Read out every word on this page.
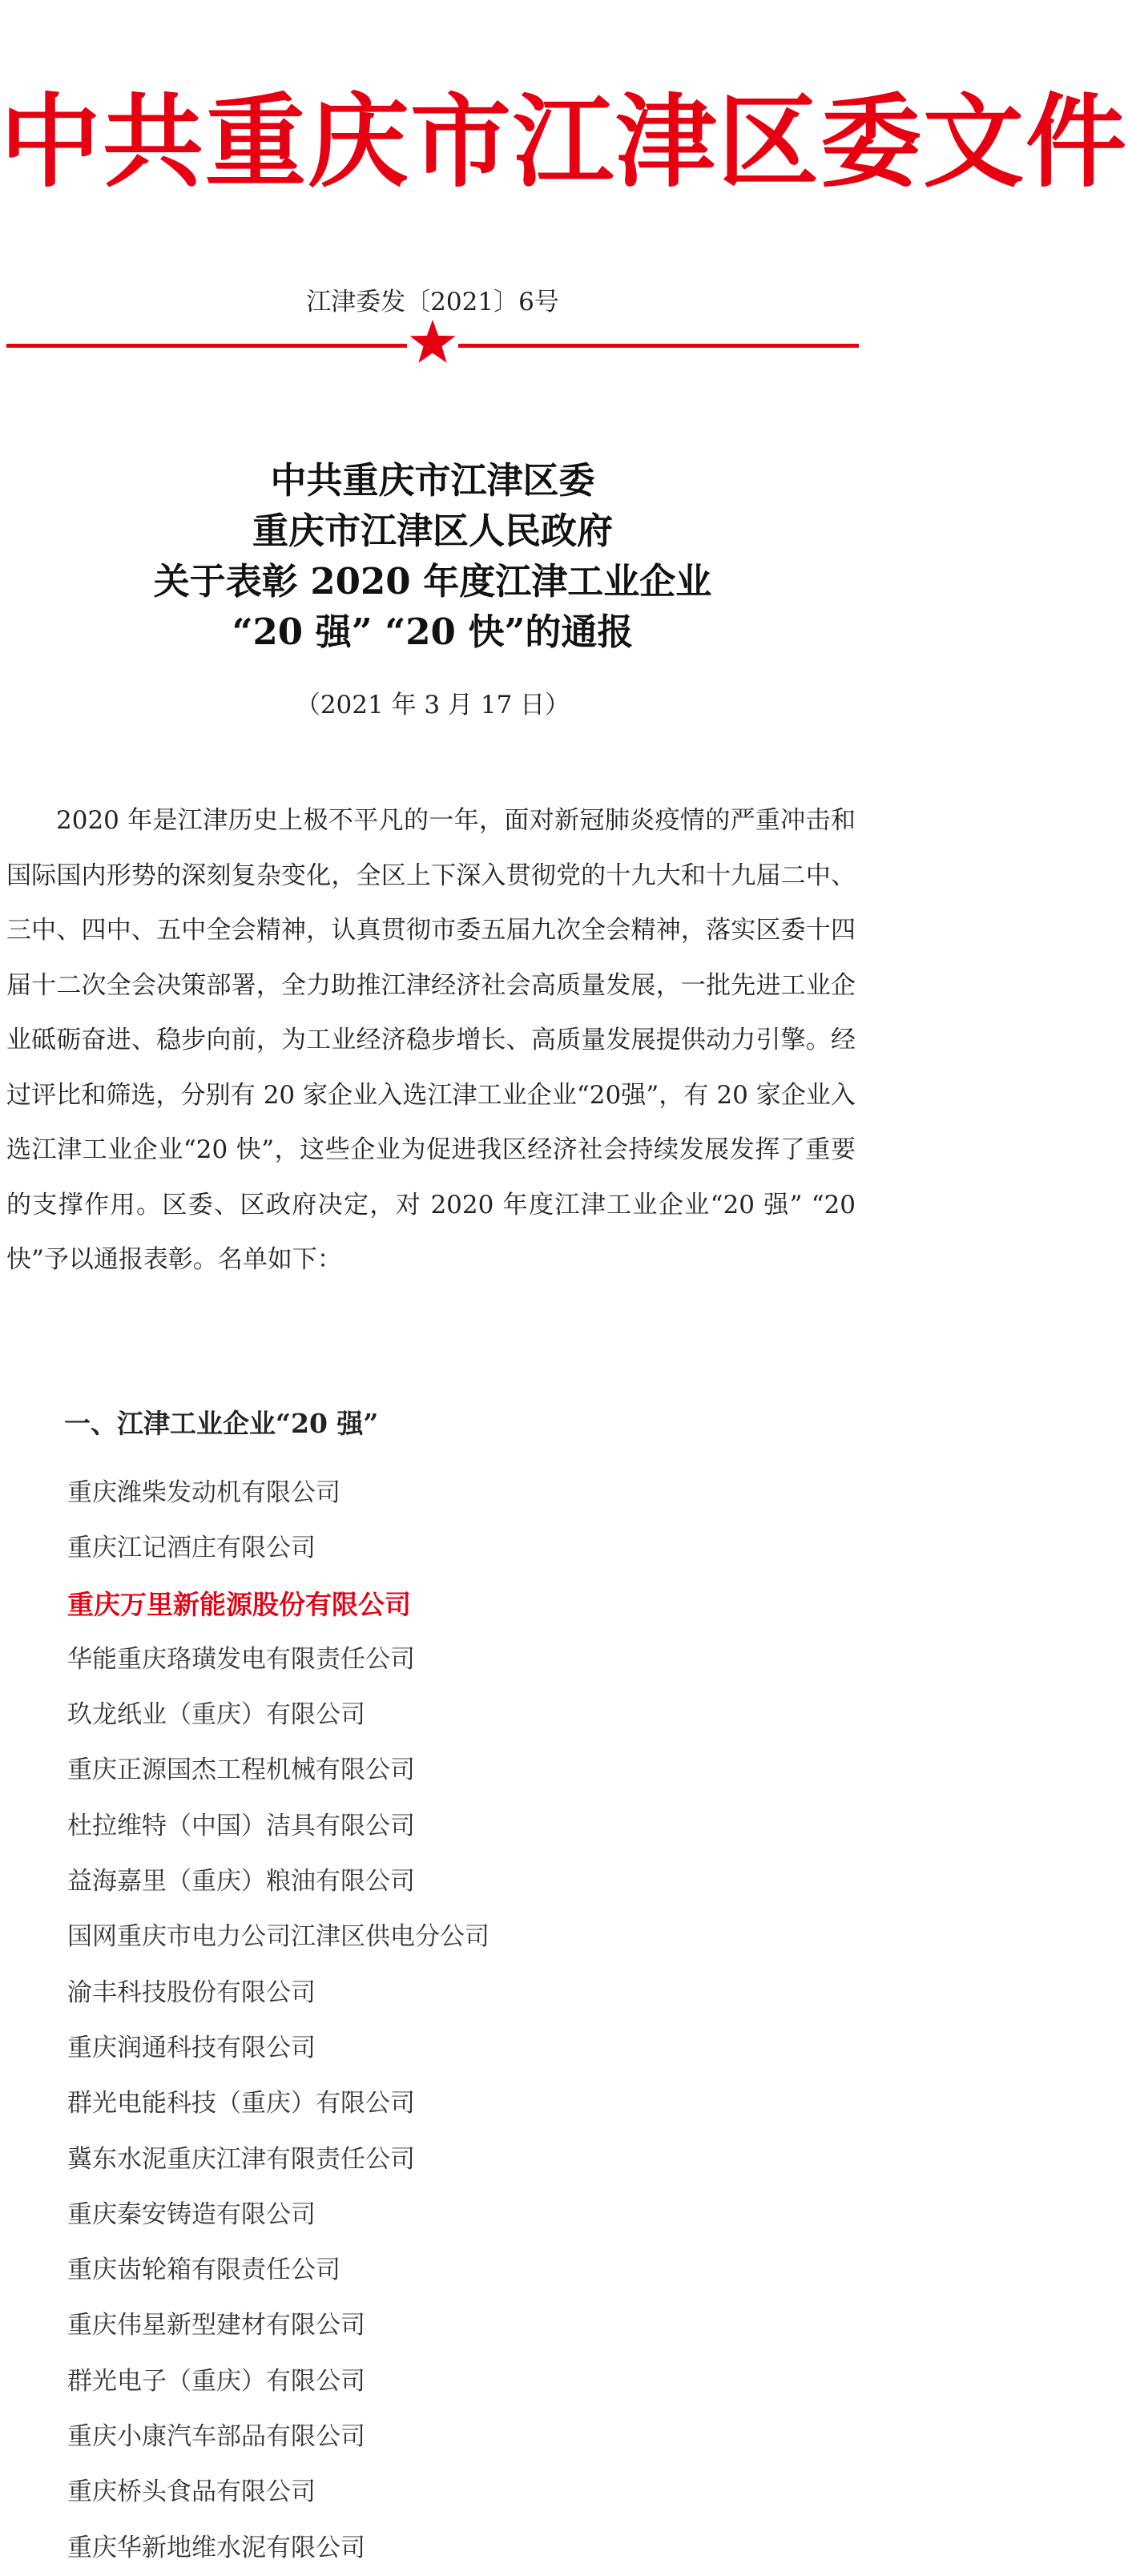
中共重庆市江津区委文件
江津委发〔2021〕6号
中共重庆市江津区委
重庆市江津区人民政府
关于表彰 2020 年度江津工业企业
“20 强” “20 快”的通报
（2021 年 3 月 17 日）

2020 年是江津历史上极不平凡的一年，面对新冠肺炎疫情的严重冲击和国际国内形势的深刻复杂变化，全区上下深入贯彻党的十九大和十九届二中、三中、四中、五中全会精神，认真贯彻市委五届九次全会精神，落实区委十四届十二次全会决策部署，全力助推江津经济社会高质量发展，一批先进工业企业砥砺奋进、稳步向前，为工业经济稳步增长、高质量发展提供动力引擎。经过评比和筛选，分别有 20 家企业入选江津工业企业“20强”，有 20 家企业入选江津工业企业“20 快”，这些企业为促进我区经济社会持续发展发挥了重要的支撑作用。区委、区政府决定，对 2020 年度江津工业企业“20 强” “20 快”予以通报表彰。名单如下：

一、江津工业企业“20 强”
重庆潍柴发动机有限公司
重庆江记酒庄有限公司
重庆万里新能源股份有限公司
华能重庆珞璜发电有限责任公司
玖龙纸业（重庆）有限公司
重庆正源国杰工程机械有限公司
杜拉维特（中国）洁具有限公司
益海嘉里（重庆）粮油有限公司
国网重庆市电力公司江津区供电分公司
渝丰科技股份有限公司
重庆润通科技有限公司
群光电能科技（重庆）有限公司
冀东水泥重庆江津有限责任公司
重庆秦安铸造有限公司
重庆齿轮箱有限责任公司
重庆伟星新型建材有限公司
群光电子（重庆）有限公司
重庆小康汽车部品有限公司
重庆桥头食品有限公司
重庆华新地维水泥有限公司
